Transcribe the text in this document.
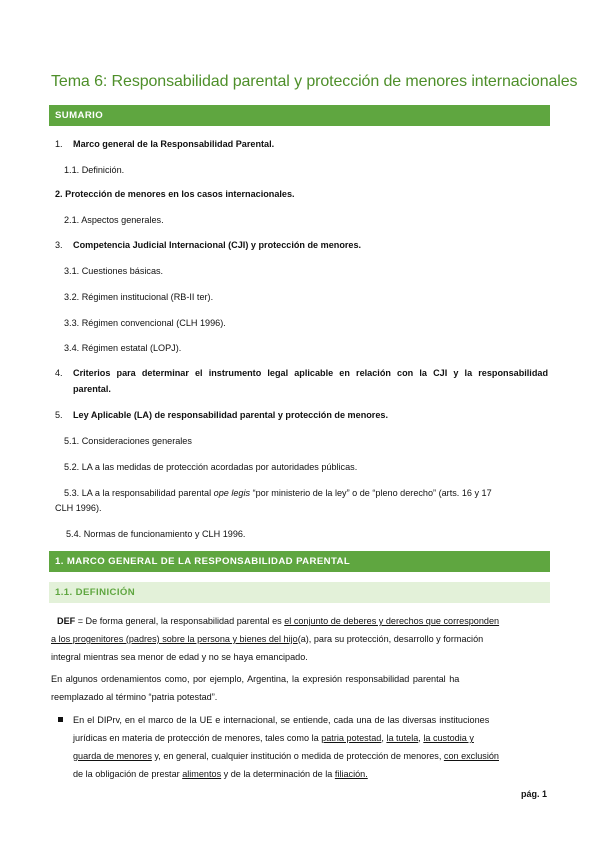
Tema 6: Responsabilidad parental y protección de menores internacionales
SUMARIO
1. Marco general de la Responsabilidad Parental.
1.1. Definición.
2. Protección de menores en los casos internacionales.
2.1. Aspectos generales.
3. Competencia Judicial Internacional (CJI) y protección de menores.
3.1. Cuestiones básicas.
3.2. Régimen institucional (RB-II ter).
3.3. Régimen convencional (CLH 1996).
3.4. Régimen estatal (LOPJ).
4.	Criterios para determinar el instrumento legal aplicable en relación con la CJI y la responsabilidad
parental.
5. Ley Aplicable (LA) de responsabilidad parental y protección de menores.
5.1. Consideraciones generales
5.2. LA a las medidas de protección acordadas por autoridades públicas.
5.3. LA a la responsabilidad parental ope legis “por ministerio de la ley” o de “pleno derecho” (arts. 16 y 17
CLH 1996).
5.4. Normas de funcionamiento y CLH 1996.
1. MARCO GENERAL DE LA RESPONSABILIDAD PARENTAL
1.1. DEFINICIÓN
DEF = De forma general, la responsabilidad parental es el conjunto de deberes y derechos que corresponden
a los progenitores (padres) sobre la persona y bienes del hijo(a), para su protección, desarrollo y formación
integral mientras sea menor de edad y no se haya emancipado.
En algunos ordenamientos como, por ejemplo, Argentina, la expresión responsabilidad parental ha
reemplazado al término “patria potestad”.
En el DIPrv, en el marco de la UE e internacional, se entiende, cada una de las diversas instituciones
jurídicas en materia de protección de menores, tales como la patria potestad, la tutela, la custodia y
guarda de menores y, en general, cualquier institución o medida de protección de menores, con exclusión
de la obligación de prestar alimentos y de la determinación de la filiación.
pág. 1
